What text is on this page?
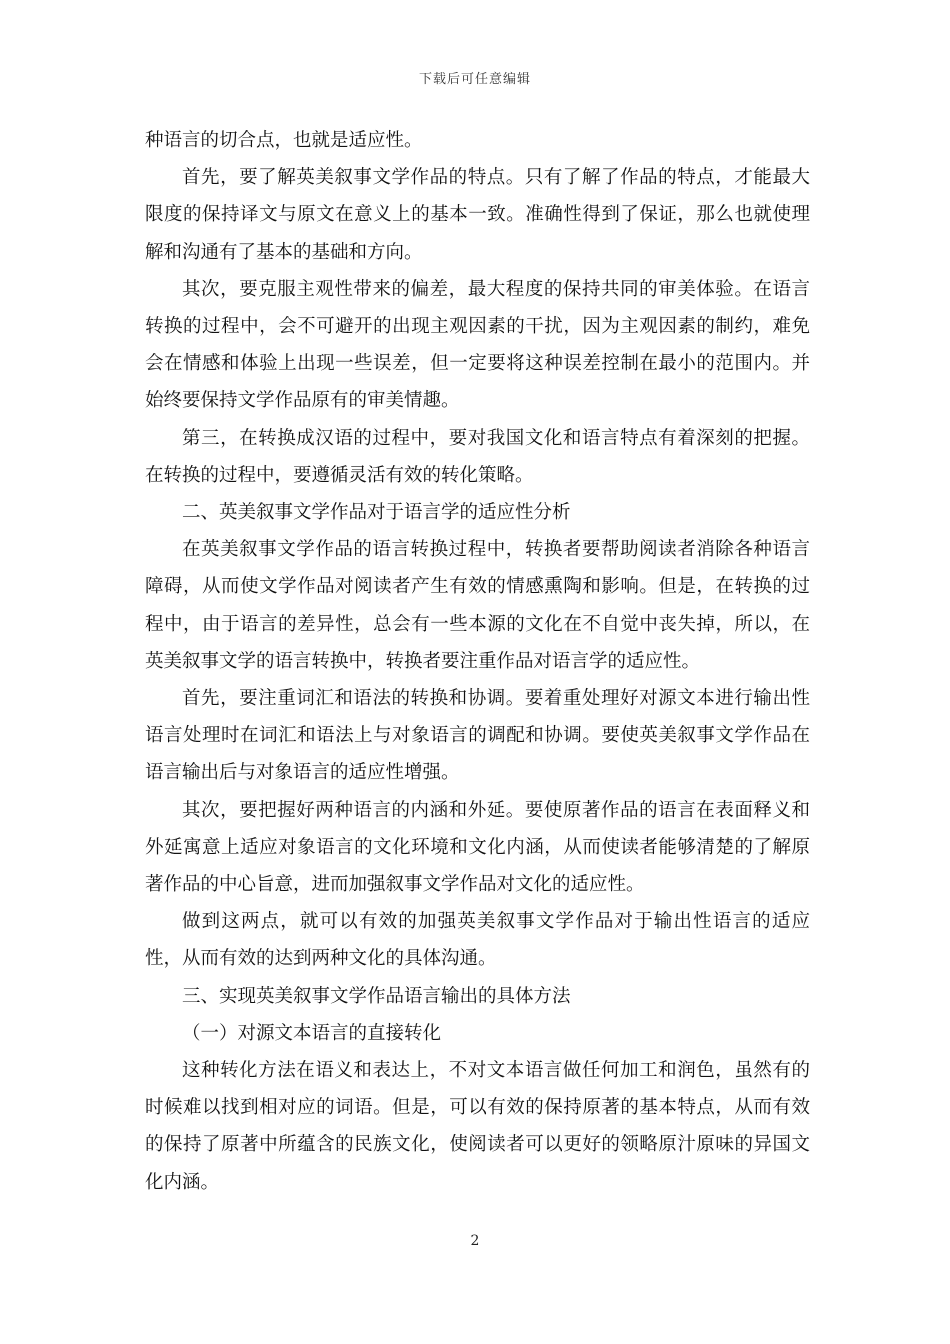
下载后可任意编辑

种语言的切合点，也就是适应性。

首先，要了解英美叙事文学作品的特点。只有了解了作品的特点，才能最大限度的保持译文与原文在意义上的基本一致。准确性得到了保证，那么也就使理解和沟通有了基本的基础和方向。

其次，要克服主观性带来的偏差，最大程度的保持共同的审美体验。在语言转换的过程中，会不可避开的出现主观因素的干扰，因为主观因素的制约，难免会在情感和体验上出现一些误差，但一定要将这种误差控制在最小的范围内。并始终要保持文学作品原有的审美情趣。

第三，在转换成汉语的过程中，要对我国文化和语言特点有着深刻的把握。在转换的过程中，要遵循灵活有效的转化策略。

二、英美叙事文学作品对于语言学的适应性分析

在英美叙事文学作品的语言转换过程中，转换者要帮助阅读者消除各种语言障碍，从而使文学作品对阅读者产生有效的情感熏陶和影响。但是，在转换的过程中，由于语言的差异性，总会有一些本源的文化在不自觉中丧失掉，所以，在英美叙事文学的语言转换中，转换者要注重作品对语言学的适应性。

首先，要注重词汇和语法的转换和协调。要着重处理好对源文本进行输出性语言处理时在词汇和语法上与对象语言的调配和协调。要使英美叙事文学作品在语言输出后与对象语言的适应性增强。

其次，要把握好两种语言的内涵和外延。要使原著作品的语言在表面释义和外延寓意上适应对象语言的文化环境和文化内涵，从而使读者能够清楚的了解原著作品的中心旨意，进而加强叙事文学作品对文化的适应性。

做到这两点，就可以有效的加强英美叙事文学作品对于输出性语言的适应性，从而有效的达到两种文化的具体沟通。

三、实现英美叙事文学作品语言输出的具体方法

（一）对源文本语言的直接转化

这种转化方法在语义和表达上，不对文本语言做任何加工和润色，虽然有的时候难以找到相对应的词语。但是，可以有效的保持原著的基本特点，从而有效的保持了原著中所蕴含的民族文化，使阅读者可以更好的领略原汁原味的异国文化内涵。

2
